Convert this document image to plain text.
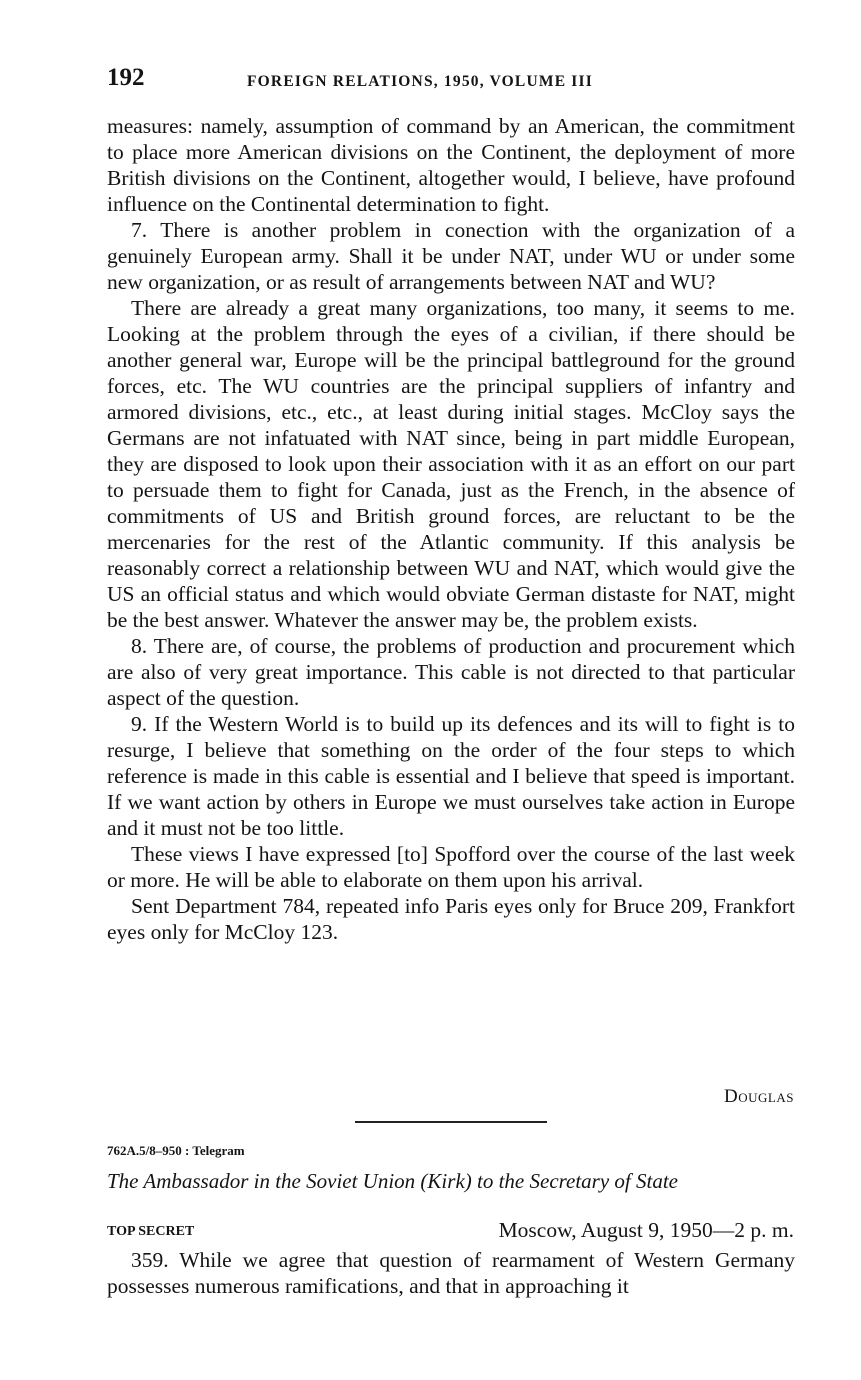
192	FOREIGN RELATIONS, 1950, VOLUME III

measures: namely, assumption of command by an American, the commitment to place more American divisions on the Continent, the deployment of more British divisions on the Continent, altogether would, I believe, have profound influence on the Continental determination to fight.

7. There is another problem in conection with the organization of a genuinely European army. Shall it be under NAT, under WU or under some new organization, or as result of arrangements between NAT and WU?

There are already a great many organizations, too many, it seems to me. Looking at the problem through the eyes of a civilian, if there should be another general war, Europe will be the principal battleground for the ground forces, etc. The WU countries are the principal suppliers of infantry and armored divisions, etc., etc., at least during initial stages. McCloy says the Germans are not infatuated with NAT since, being in part middle European, they are disposed to look upon their association with it as an effort on our part to persuade them to fight for Canada, just as the French, in the absence of commitments of US and British ground forces, are reluctant to be the mercenaries for the rest of the Atlantic community. If this analysis be reasonably correct a relationship between WU and NAT, which would give the US an official status and which would obviate German distaste for NAT, might be the best answer. Whatever the answer may be, the problem exists.

8. There are, of course, the problems of production and procurement which are also of very great importance. This cable is not directed to that particular aspect of the question.

9. If the Western World is to build up its defences and its will to fight is to resurge, I believe that something on the order of the four steps to which reference is made in this cable is essential and I believe that speed is important. If we want action by others in Europe we must ourselves take action in Europe and it must not be too little.

These views I have expressed [to] Spofford over the course of the last week or more. He will be able to elaborate on them upon his arrival.

Sent Department 784, repeated info Paris eyes only for Bruce 209, Frankfort eyes only for McCloy 123.

Douglas
762A.5/8–950 : Telegram
The Ambassador in the Soviet Union (Kirk) to the Secretary of State
TOP SECRET	Moscow, August 9, 1950—2 p. m.

359. While we agree that question of rearmament of Western Germany possesses numerous ramifications, and that in approaching it
